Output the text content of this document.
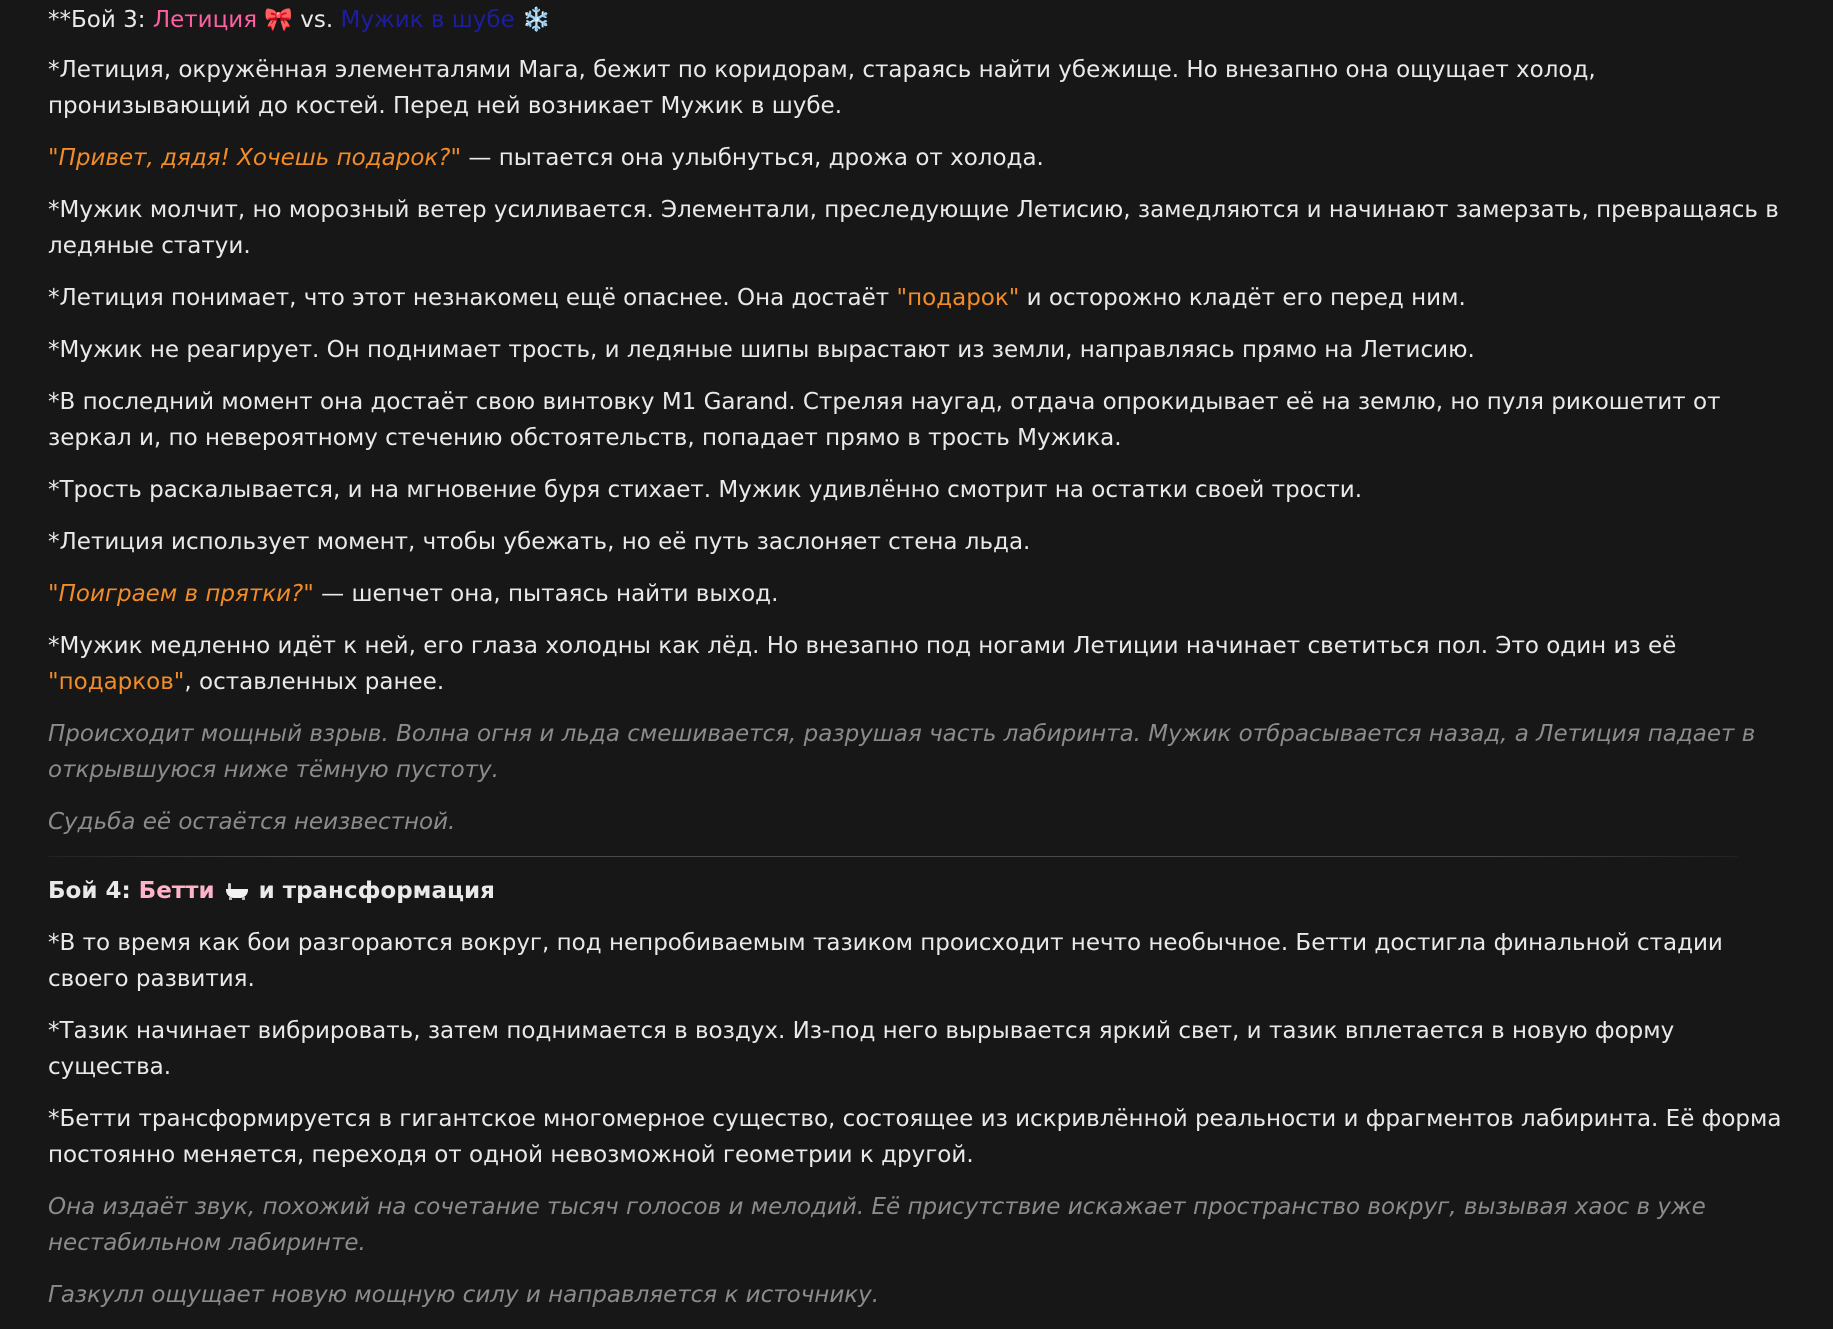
**Бой 3: Летиция 🎀 vs. Мужик в шубе ❄️

*Летиция, окружённая элементалями Мага, бежит по коридорам, стараясь найти убежище. Но внезапно она ощущает холод, пронизывающий до костей. Перед ней возникает Мужик в шубе.

"Привет, дядя! Хочешь подарок?" — пытается она улыбнуться, дрожа от холода.

*Мужик молчит, но морозный ветер усиливается. Элементали, преследующие Летисию, замедляются и начинают замерзать, превращаясь в ледяные статуи.

*Летиция понимает, что этот незнакомец ещё опаснее. Она достаёт "подарок" и осторожно кладёт его перед ним.

*Мужик не реагирует. Он поднимает трость, и ледяные шипы вырастают из земли, направляясь прямо на Летисию.

*В последний момент она достаёт свою винтовку M1 Garand. Стреляя наугад, отдача опрокидывает её на землю, но пуля рикошетит от зеркал и, по невероятному стечению обстоятельств, попадает прямо в трость Мужика.

*Трость раскалывается, и на мгновение буря стихает. Мужик удивлённо смотрит на остатки своей трости.

*Летиция использует момент, чтобы убежать, но её путь заслоняет стена льда.

"Поиграем в прятки?" — шепчет она, пытаясь найти выход.

*Мужик медленно идёт к ней, его глаза холодны как лёд. Но внезапно под ногами Летиции начинает светиться пол. Это один из её "подарков", оставленных ранее.

Происходит мощный взрыв. Волна огня и льда смешивается, разрушая часть лабиринта. Мужик отбрасывается назад, а Летиция падает в открывшуюся ниже тёмную пустоту.

Судьба её остаётся неизвестной.

Бой 4: Бетти
и трансформация

*В то время как бои разгораются вокруг, под непробиваемым тазиком происходит нечто необычное. Бетти достигла финальной стадии своего развития.

*Тазик начинает вибрировать, затем поднимается в воздух. Из-под него вырывается яркий свет, и тазик вплетается в новую форму существа.

*Бетти трансформируется в гигантское многомерное существо, состоящее из искривлённой реальности и фрагментов лабиринта. Её форма постоянно меняется, переходя от одной невозможной геометрии к другой.

Она издаёт звук, похожий на сочетание тысяч голосов и мелодий. Её присутствие искажает пространство вокруг, вызывая хаос в уже нестабильном лабиринте.

Газкулл ощущает новую мощную силу и направляется к источнику.
